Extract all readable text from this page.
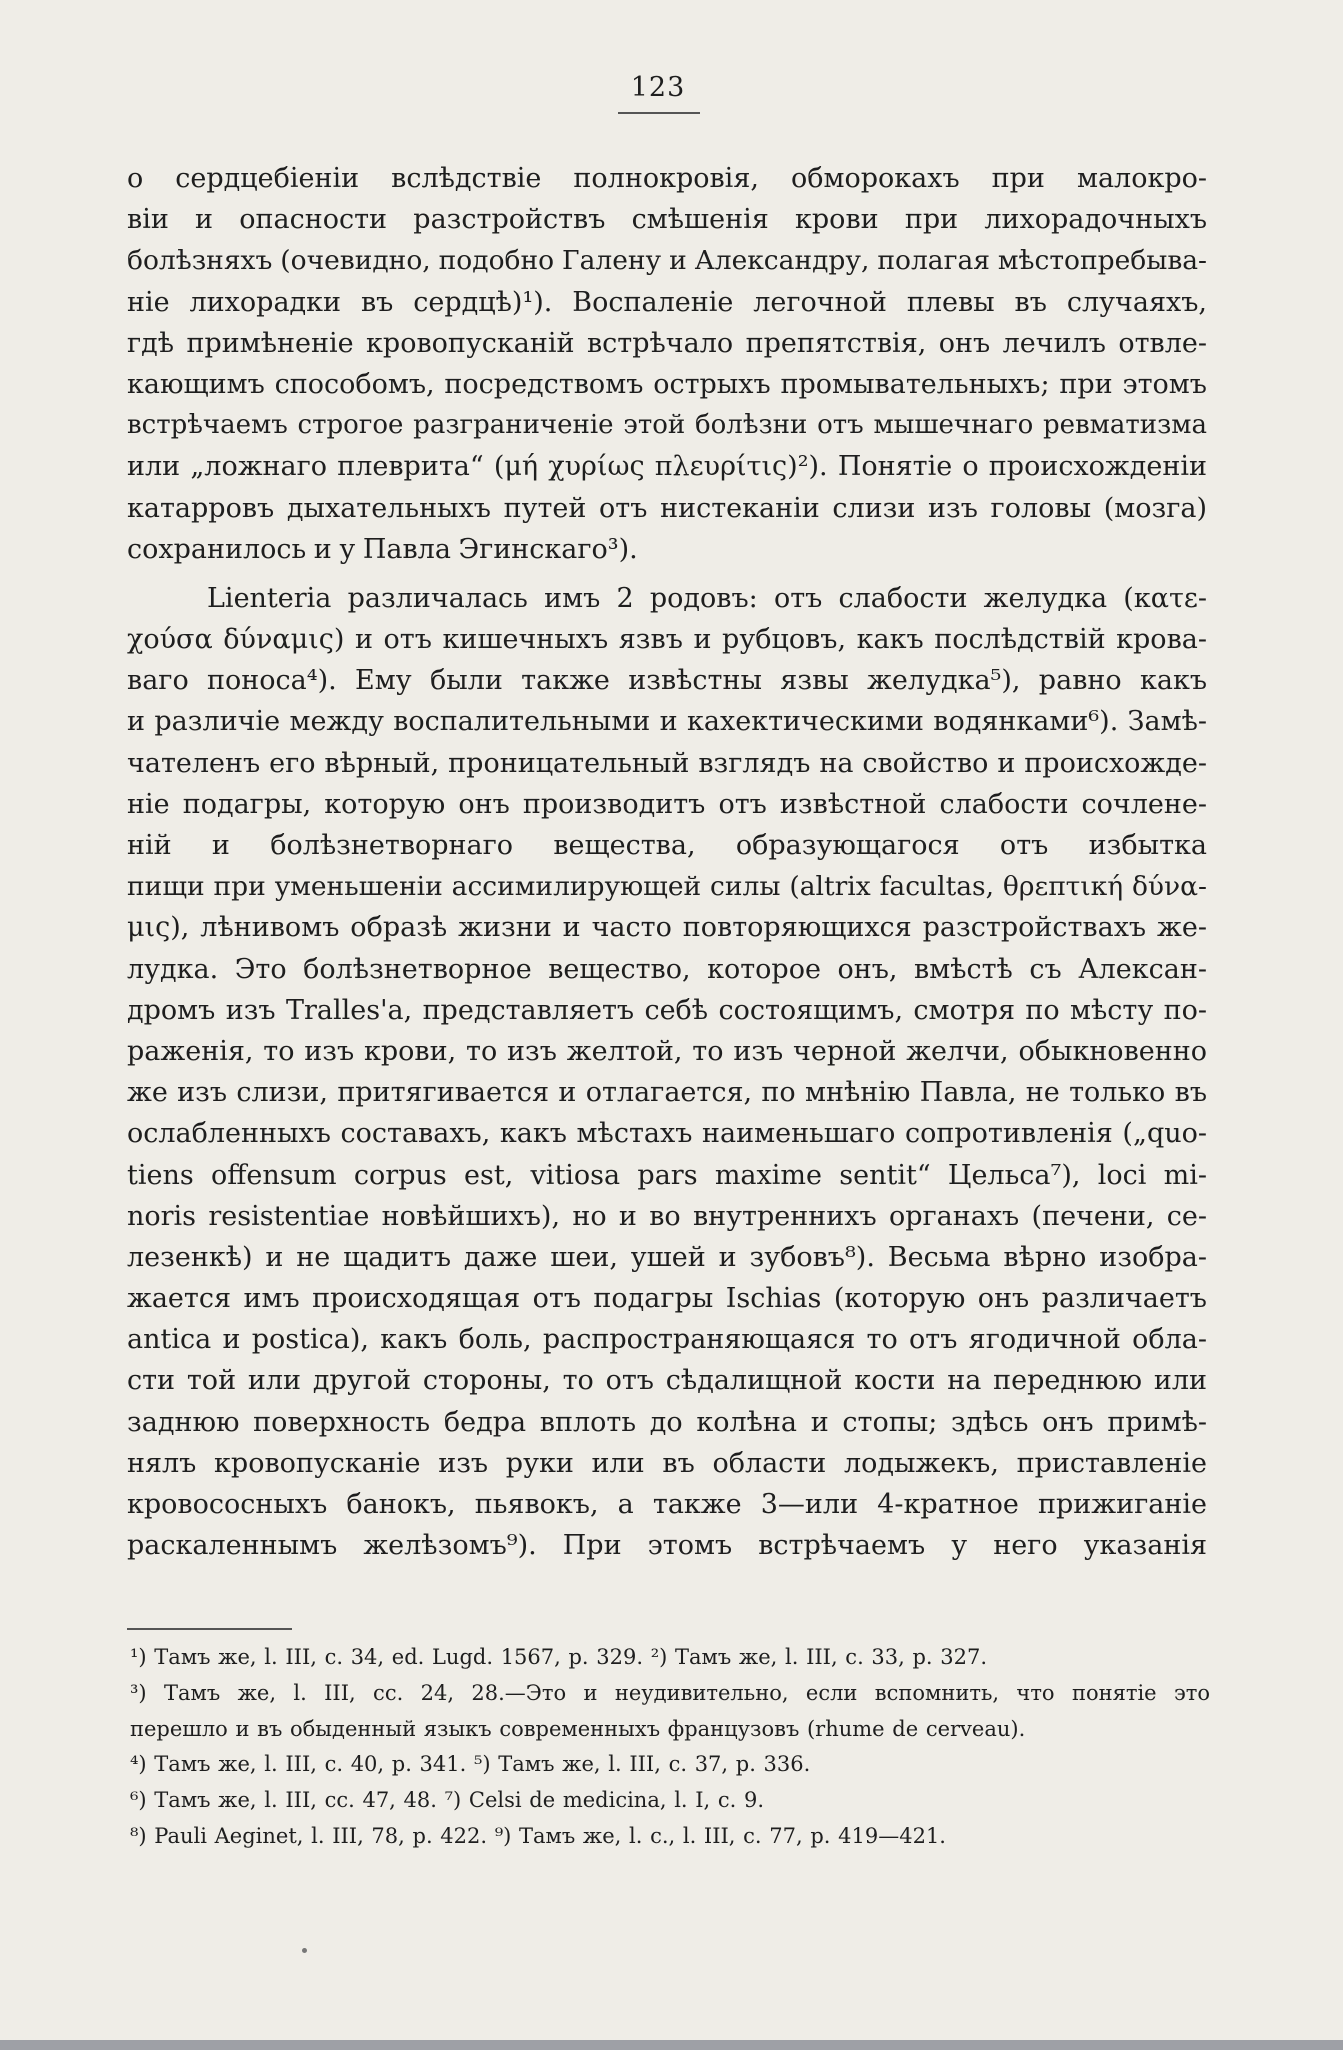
123
о сердцебіеніи вслѣдствіе полнокровія, обморокахъ при малокро-
віи и опасности разстройствъ смѣшенія крови при лихорадочныхъ
болѣзняхъ (очевидно, подобно Галену и Александру, полагая мѣстопребыва-
ніе лихорадки въ сердцѣ)¹). Воспаленіе легочной плевы въ случаяхъ,
гдѣ примѣненіе кровопусканій встрѣчало препятствія, онъ лечилъ отвле-
кающимъ способомъ, посредствомъ острыхъ промывательныхъ; при этомъ
встрѣчаемъ строгое разграниченіе этой болѣзни отъ мышечнаго ревматизма
или „ложнаго плеврита“ (μή χυρίως πλευρίτις)²). Понятіе о происхожденіи
катарровъ дыхательныхъ путей отъ нистеканіи слизи изъ головы (мозга)
сохранилось и у Павла Эгинскаго³).
Lienteria различалась имъ 2 родовъ: отъ слабости желудка (κατε-
χούσα δύναμις) и отъ кишечныхъ язвъ и рубцовъ, какъ послѣдствій крова-
ваго поноса⁴). Ему были также извѣстны язвы желудка⁵), равно какъ
и различіе между воспалительными и кахектическими водянками⁶). Замѣ-
чателенъ его вѣрный, проницательный взглядъ на свойство и происхожде-
ніе подагры, которую онъ производитъ отъ извѣстной слабости сочлене-
ній и болѣзнетворнаго вещества, образующагося отъ избытка
пищи при уменьшеніи ассимилирующей силы (altrix facultas, θρεπτική δύνα-
μις), лѣнивомъ образѣ жизни и часто повторяющихся разстройствахъ же-
лудка. Это болѣзнетворное вещество, которое онъ, вмѣстѣ съ Алексан-
дромъ изъ Tralles'а, представляетъ себѣ состоящимъ, смотря по мѣсту по-
раженія, то изъ крови, то изъ желтой, то изъ черной желчи, обыкновенно
же изъ слизи, притягивается и отлагается, по мнѣнію Павла, не только въ
ослабленныхъ составахъ, какъ мѣстахъ наименьшаго сопротивленія („quo-
tiens offensum corpus est, vitiosa pars maxime sentit“ Цельса⁷), loci mi-
noris resistentiae новѣйшихъ), но и во внутреннихъ органахъ (печени, се-
лезенкѣ) и не щадитъ даже шеи, ушей и зубовъ⁸). Весьма вѣрно изобра-
жается имъ происходящая отъ подагры Ischias (которую онъ различаетъ
antica и postica), какъ боль, распространяющаяся то отъ ягодичной обла-
сти той или другой стороны, то отъ сѣдалищной кости на переднюю или
заднюю поверхность бедра вплоть до колѣна и стопы; здѣсь онъ примѣ-
нялъ кровопусканіе изъ руки или въ области лодыжекъ, приставленіе
кровососныхъ банокъ, пьявокъ, а также 3—или 4-кратное прижиганіе
раскаленнымъ желѣзомъ⁹). При этомъ встрѣчаемъ у него указанія
¹) Тамъ же, l. III, с. 34, ed. Lugd. 1567, p. 329. ²) Тамъ же, l. III, с. 33, p. 327.
³) Тамъ же, l. III, сс. 24, 28.—Это и неудивительно, если вспомнить, что понятіе это
перешло и въ обыденный языкъ современныхъ французовъ (rhume de cerveau).
⁴) Тамъ же, l. III, с. 40, p. 341. ⁵) Тамъ же, l. III, с. 37, p. 336.
⁶) Тамъ же, l. III, сс. 47, 48. ⁷) Celsi de medicina, l. I, с. 9.
⁸) Pauli Aeginet, l. III, 78, p. 422. ⁹) Тамъ же, l. c., l. III, с. 77, p. 419—421.
